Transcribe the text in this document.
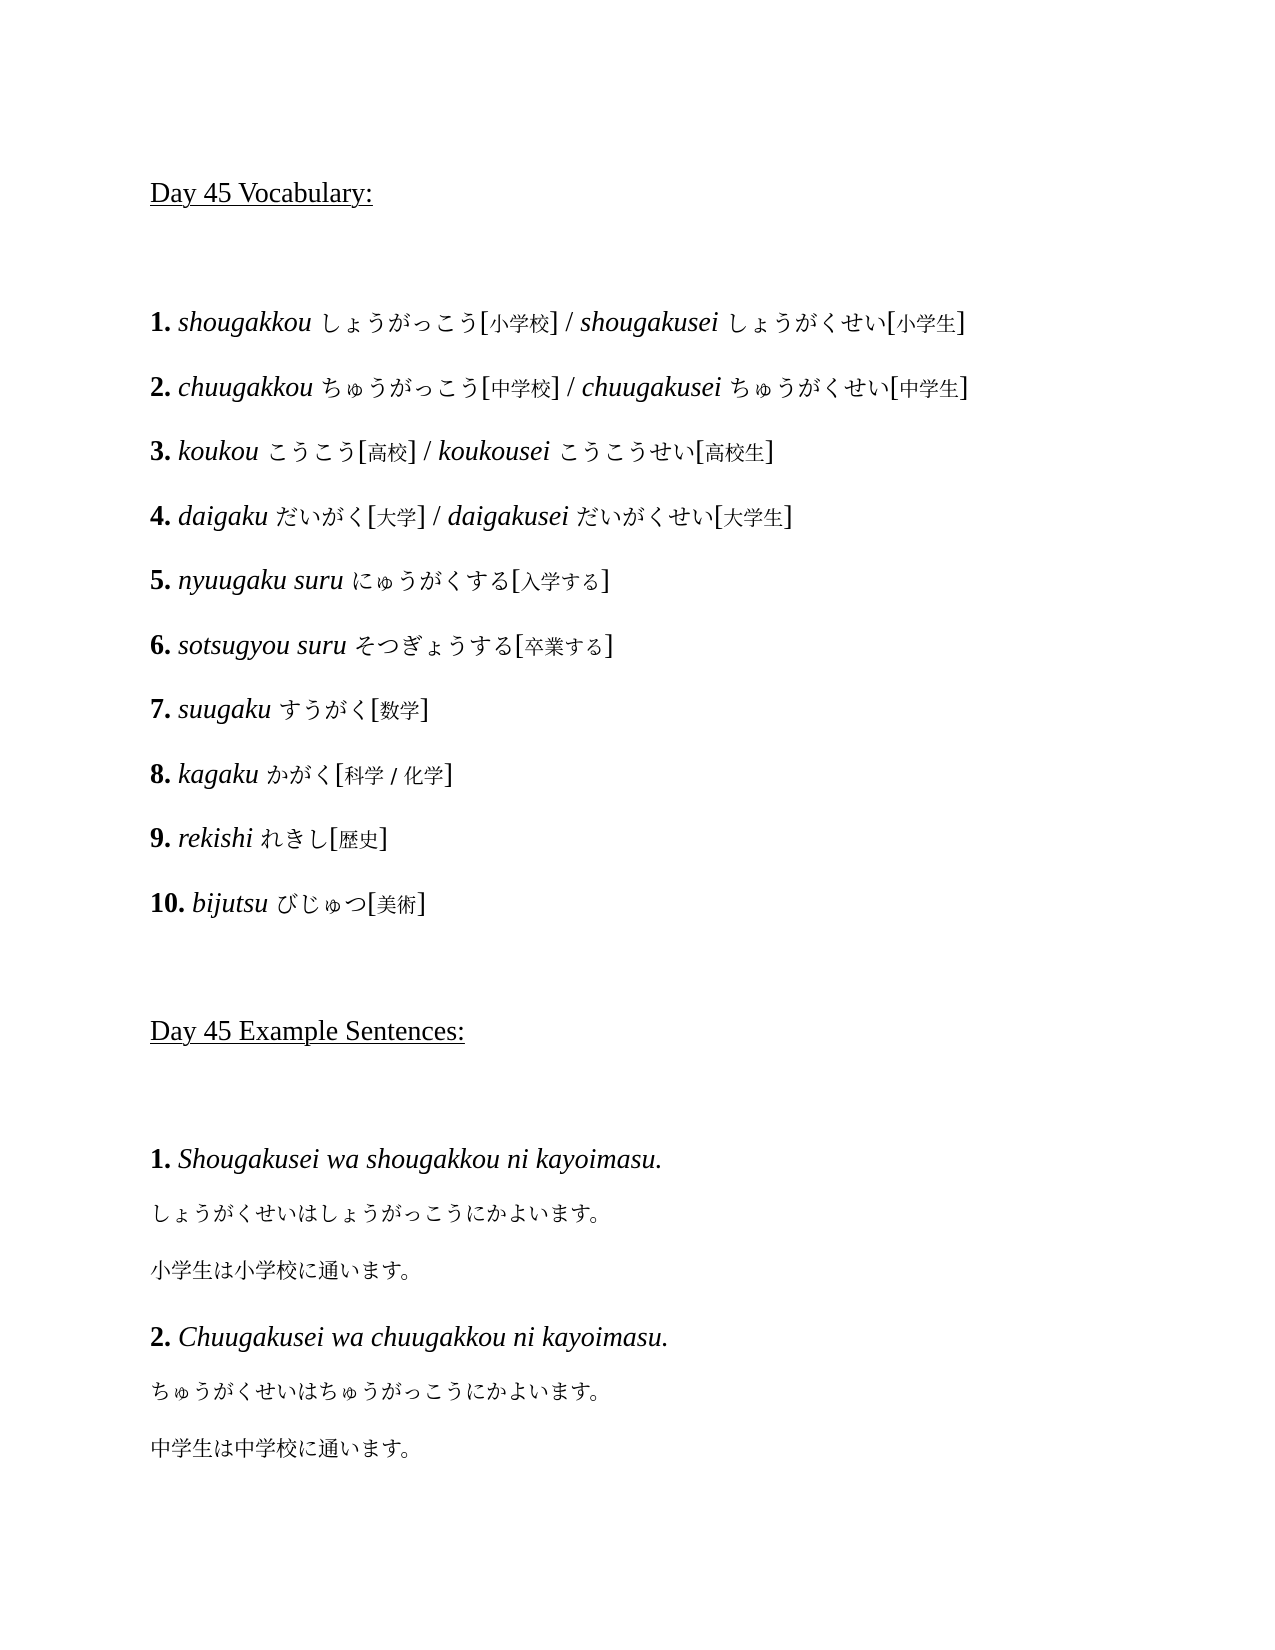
Day 45 Vocabulary:
1. shougakkou しょうがっこう[小学校] / shougakusei しょうがくせい[小学生]
2. chuugakkou ちゅうがっこう[中学校] / chuugakusei ちゅうがくせい[中学生]
3. koukou こうこう[高校] / koukousei こうこうせい[高校生]
4. daigaku だいがく[大学] / daigakusei だいがくせい[大学生]
5. nyuugaku suru にゅうがくする[入学する]
6. sotsugyou suru そつぎょうする[卒業する]
7. suugaku すうがく[数学]
8. kagaku かがく[科学 / 化学]
9. rekishi れきし[歴史]
10. bijutsu びじゅつ[美術]
Day 45 Example Sentences:
1. Shougakusei wa shougakkou ni kayoimasu.
しょうがくせいはしょうがっこうにかよいます。
小学生は小学校に通います。
2. Chuugakusei wa chuugakkou ni kayoimasu.
ちゅうがくせいはちゅうがっこうにかよいます。
中学生は中学校に通います。
